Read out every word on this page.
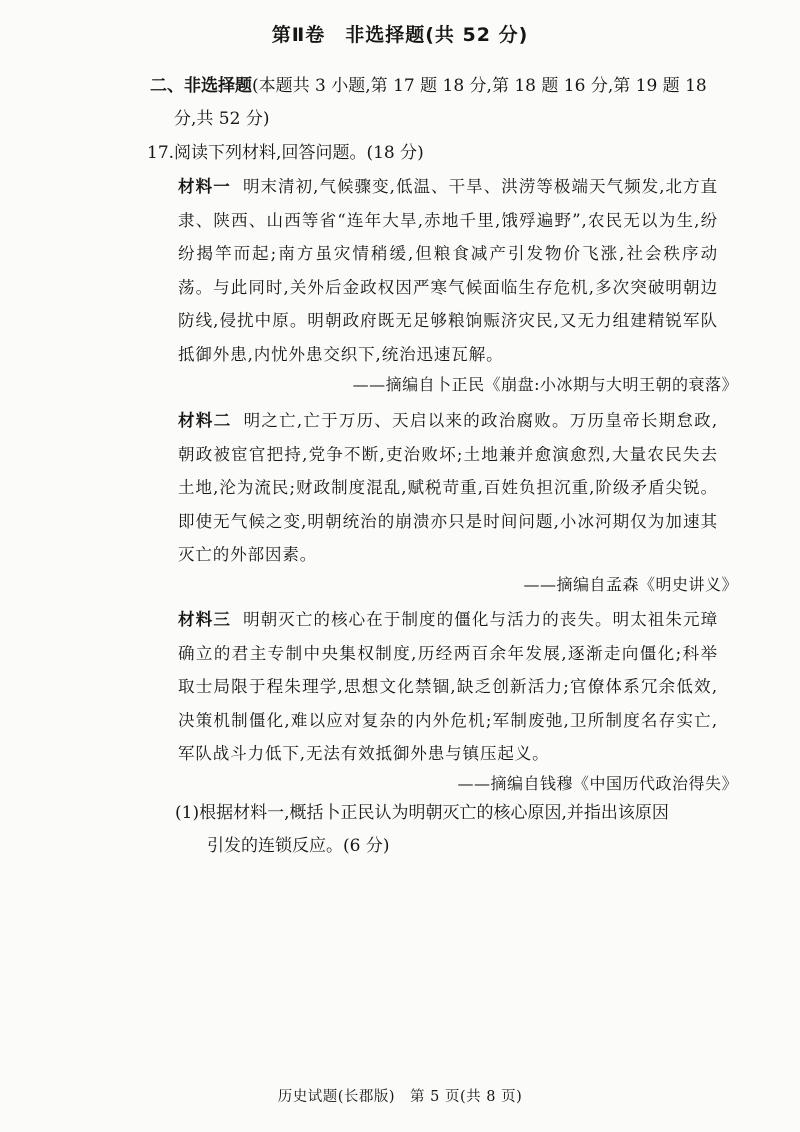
第Ⅱ卷　非选择题(共 52 分)
二、非选择题(本题共 3 小题,第 17 题 18 分,第 18 题 16 分,第 19 题 18
分,共 52 分)
17.阅读下列材料,回答问题。(18 分)
材料一 明末清初,气候骤变,低温、干旱、洪涝等极端天气频发,北方直隶、陕西、山西等省“连年大旱,赤地千里,饿殍遍野”,农民无以为生,纷纷揭竿而起;南方虽灾情稍缓,但粮食减产引发物价飞涨,社会秩序动荡。与此同时,关外后金政权因严寒气候面临生存危机,多次突破明朝边防线,侵扰中原。明朝政府既无足够粮饷赈济灾民,又无力组建精锐军队抵御外患,内忧外患交织下,统治迅速瓦解。
——摘编自卜正民《崩盘:小冰期与大明王朝的衰落》
材料二 明之亡,亡于万历、天启以来的政治腐败。万历皇帝长期怠政,朝政被宦官把持,党争不断,吏治败坏;土地兼并愈演愈烈,大量农民失去土地,沦为流民;财政制度混乱,赋税苛重,百姓负担沉重,阶级矛盾尖锐。即使无气候之变,明朝统治的崩溃亦只是时间问题,小冰河期仅为加速其灭亡的外部因素。
——摘编自孟森《明史讲义》
材料三 明朝灭亡的核心在于制度的僵化与活力的丧失。明太祖朱元璋确立的君主专制中央集权制度,历经两百余年发展,逐渐走向僵化;科举取士局限于程朱理学,思想文化禁锢,缺乏创新活力;官僚体系冗余低效,决策机制僵化,难以应对复杂的内外危机;军制废弛,卫所制度名存实亡,军队战斗力低下,无法有效抵御外患与镇压起义。
——摘编自钱穆《中国历代政治得失》
(1)根据材料一,概括卜正民认为明朝灭亡的核心原因,并指出该原因
引发的连锁反应。(6 分)
历史试题(长郡版)　第 5 页(共 8 页)
